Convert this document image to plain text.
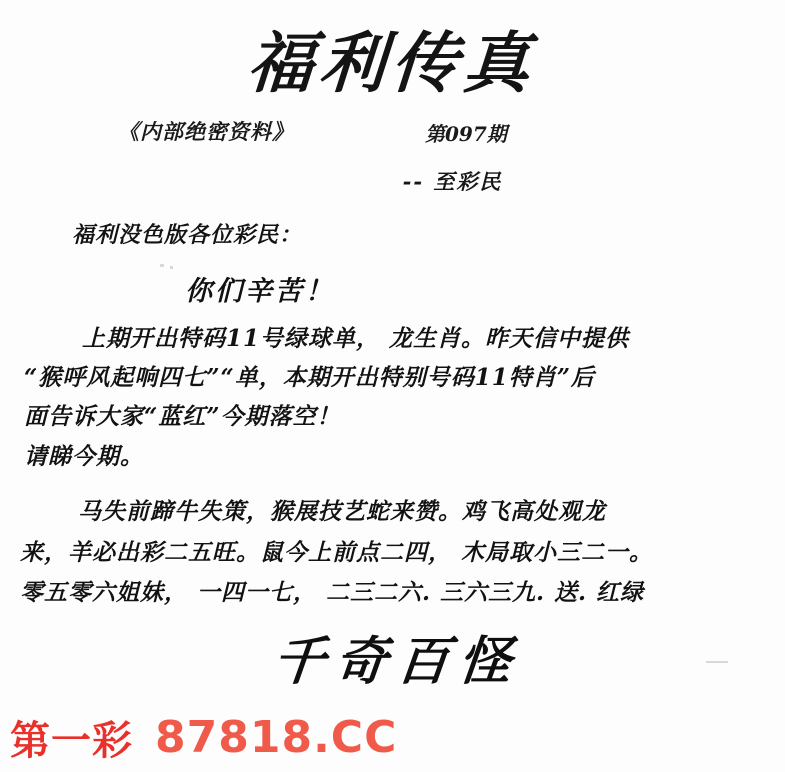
福利传真
《内部绝密资料》	第097期
-- 至彩民
福利没色版各位彩民：
你们辛苦！

上期开出特码11号绿球单， 龙生肖。昨天信中提供

“猴呼风起响四七”“单，本期开出特别号码11特肖”后

面告诉大家“蓝红”今期落空！

请睇今期。

马失前蹄牛失策，猴展技艺蛇来赞。鸡飞高处观龙

来，羊必出彩二五旺。鼠今上前点二四， 木局取小三二一。

零五零六姐妹， 一四一七， 二三二六. 三六三九. 送. 红绿

千奇百怪
第一彩 87818.CC
